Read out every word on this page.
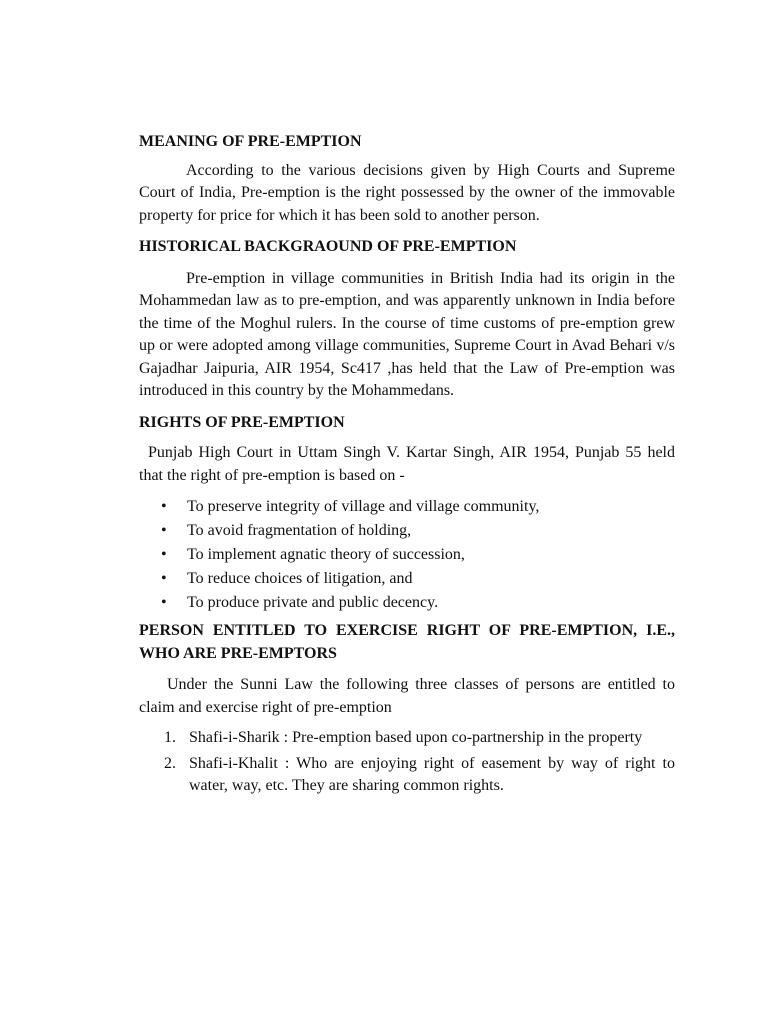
MEANING OF PRE-EMPTION

According to the various decisions given by High Courts and Supreme Court of India, Pre-emption is the right possessed by the owner of the immovable property for price for which it has been sold to another person.

HISTORICAL BACKGRAOUND OF PRE-EMPTION

Pre-emption in village communities in British India had its origin in the Mohammedan law as to pre-emption, and was apparently unknown in India before the time of the Moghul rulers. In the course of time customs of pre-emption grew up or were adopted among village communities, Supreme Court in Avad Behari v/s Gajadhar Jaipuria, AIR 1954, Sc417 ,has held that the Law of Pre-emption was introduced in this country by the Mohammedans.

RIGHTS OF PRE-EMPTION

Punjab High Court in Uttam Singh V. Kartar Singh, AIR 1954, Punjab 55 held that the right of pre-emption is based on -

• To preserve integrity of village and village community,
• To avoid fragmentation of holding,
• To implement agnatic theory of succession,
• To reduce choices of litigation, and
• To produce private and public decency.

PERSON ENTITLED TO EXERCISE RIGHT OF PRE-EMPTION, I.E., WHO ARE PRE-EMPTORS

Under the Sunni Law the following three classes of persons are entitled to claim and exercise right of pre-emption

1. Shafi-i-Sharik : Pre-emption based upon co-partnership in the property
2. Shafi-i-Khalit : Who are enjoying right of easement by way of right to water, way, etc. They are sharing common rights.
